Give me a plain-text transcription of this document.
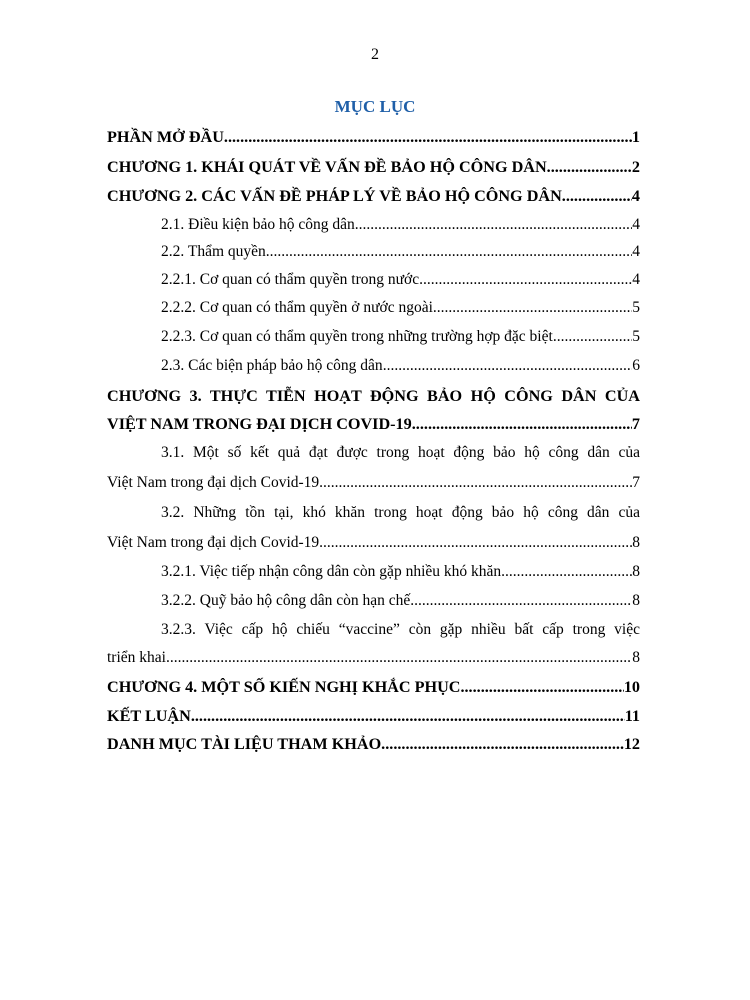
2
MỤC LỤC
PHẦN MỞ ĐẦU .....	1
CHƯƠNG 1. KHÁI QUÁT VỀ VẤN ĐỀ BẢO HỘ CÔNG DÂN .....	2
CHƯƠNG 2. CÁC VẤN ĐỀ PHÁP LÝ VỀ BẢO HỘ CÔNG DÂN .....	4
2.1. Điều kiện bảo hộ công dân .....	4
2.2. Thẩm quyền .....	4
2.2.1. Cơ quan có thẩm quyền trong nước .....	4
2.2.2. Cơ quan có thẩm quyền ở nước ngoài .....	5
2.2.3. Cơ quan có thẩm quyền trong những trường hợp đặc biệt .....	5
2.3. Các biện pháp bảo hộ công dân .....	6
CHƯƠNG 3. THỰC TIỄN HOẠT ĐỘNG BẢO HỘ CÔNG DÂN CỦA
VIỆT NAM TRONG ĐẠI DỊCH COVID-19 .....	7
3.1. Một số kết quả đạt được trong hoạt động bảo hộ công dân của
Việt Nam trong đại dịch Covid-19 .....	7
3.2. Những tồn tại, khó khăn trong hoạt động bảo hộ công dân của
Việt Nam trong đại dịch Covid-19 .....	8
3.2.1. Việc tiếp nhận công dân còn gặp nhiều khó khăn .....	8
3.2.2. Quỹ bảo hộ công dân còn hạn chế .....	8
3.2.3. Việc cấp hộ chiếu “vaccine” còn gặp nhiều bất cấp trong việc
triển khai .....	8
CHƯƠNG 4. MỘT SỐ KIẾN NGHỊ KHẮC PHỤC .....	10
KẾT LUẬN .....	11
DANH MỤC TÀI LIỆU THAM KHẢO .....	12
